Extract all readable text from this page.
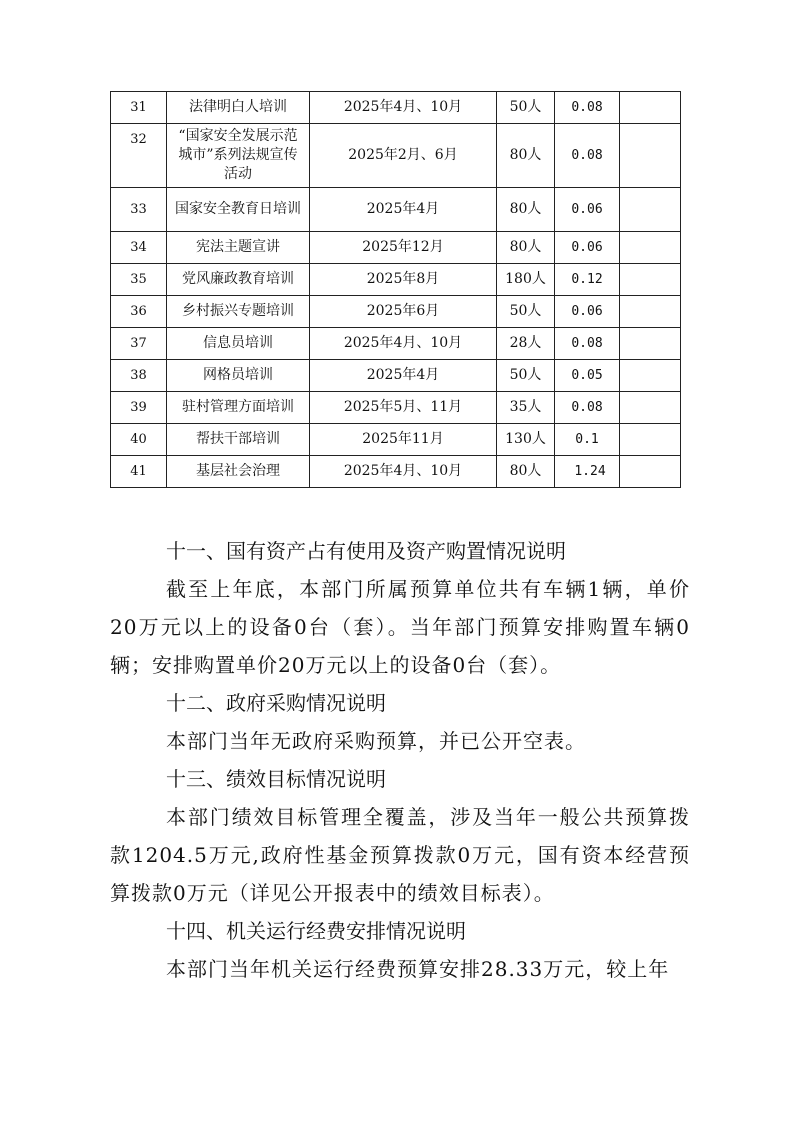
31	法律明白人培训	2025年4月、10月	50人	0.08	
32	“国家安全发展示范城市”系列法规宣传活动	2025年2月、6月	80人	0.08	
33	国家安全教育日培训	2025年4月	80人	0.06	
34	宪法主题宣讲	2025年12月	80人	0.06	
35	党风廉政教育培训	2025年8月	180人	0.12	
36	乡村振兴专题培训	2025年6月	50人	0.06	
37	信息员培训	2025年4月、10月	28人	0.08	
38	网格员培训	2025年4月	50人	0.05	
39	驻村管理方面培训	2025年5月、11月	35人	0.08	
40	帮扶干部培训	2025年11月	130人	0.1	
41	基层社会治理	2025年4月、10月	80人	1.24	
十一、国有资产占有使用及资产购置情况说明

截至上年底，本部门所属预算单位共有车辆1辆，单价20万元以上的设备0台（套）。当年部门预算安排购置车辆0辆；安排购置单价20万元以上的设备0台（套）。

十二、政府采购情况说明

本部门当年无政府采购预算，并已公开空表。

十三、绩效目标情况说明

本部门绩效目标管理全覆盖，涉及当年一般公共预算拨款1204.5万元,政府性基金预算拨款0万元，国有资本经营预算拨款0万元（详见公开报表中的绩效目标表）。

十四、机关运行经费安排情况说明

本部门当年机关运行经费预算安排28.33万元，较上年
